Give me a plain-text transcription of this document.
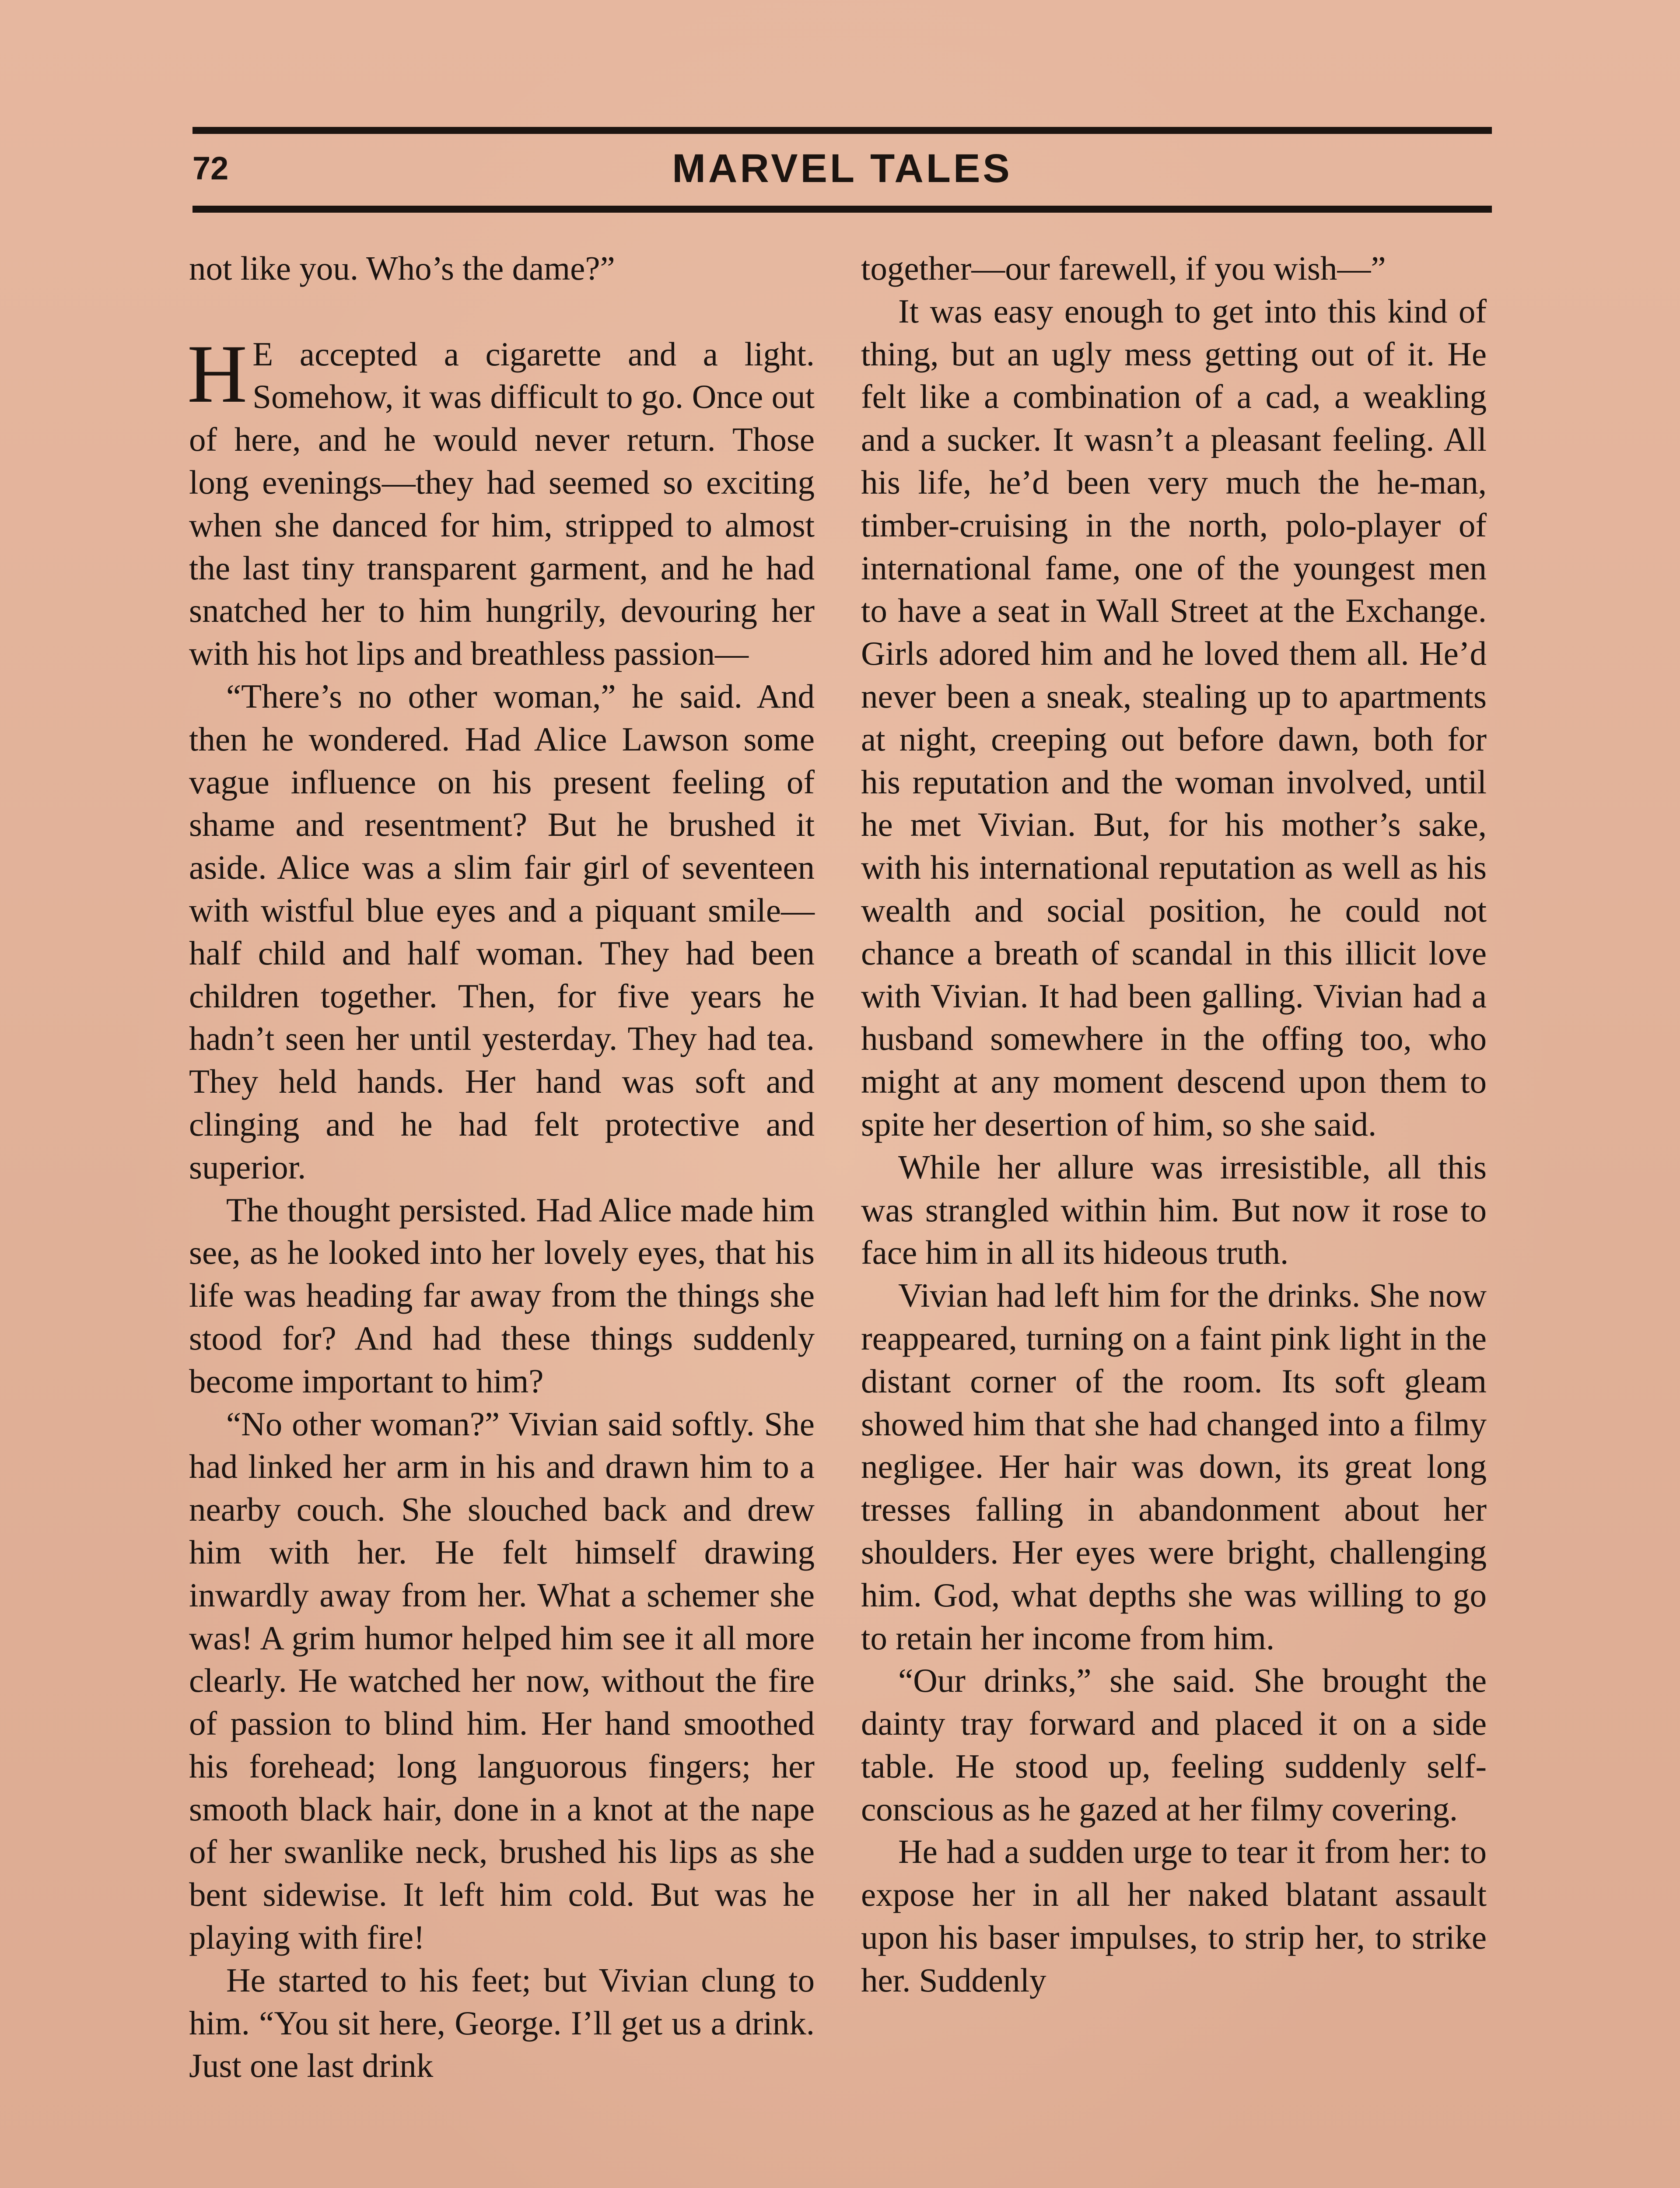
72	MARVEL TALES

not like you. Who’s the dame?”

H E accepted a cigarette and a light. Somehow, it was difficult to go. Once out of here, and he would never return. Those long evenings—they had seemed so exciting when she danced for him, stripped to almost the last tiny transparent garment, and he had snatched her to him hungrily, devouring her with his hot lips and breathless passion—

“There’s no other woman,” he said. And then he wondered. Had Alice Lawson some vague influence on his present feeling of shame and resentment? But he brushed it aside. Alice was a slim fair girl of seventeen with wistful blue eyes and a piquant smile—half child and half woman. They had been children together. Then, for five years he hadn’t seen her until yesterday. They had tea. They held hands. Her hand was soft and clinging and he had felt protective and superior.

The thought persisted. Had Alice made him see, as he looked into her lovely eyes, that his life was heading far away from the things she stood for? And had these things suddenly become important to him?

“No other woman?” Vivian said softly. She had linked her arm in his and drawn him to a nearby couch. She slouched back and drew him with her. He felt himself drawing inwardly away from her. What a schemer she was! A grim humor helped him see it all more clearly. He watched her now, without the fire of passion to blind him. Her hand smoothed his forehead; long languorous fingers; her smooth black hair, done in a knot at the nape of her swanlike neck, brushed his lips as she bent sidewise. It left him cold. But was he playing with fire!

He started to his feet; but Vivian clung to him. “You sit here, George. I’ll get us a drink. Just one last drink

together—our farewell, if you wish—”

It was easy enough to get into this kind of thing, but an ugly mess getting out of it. He felt like a combination of a cad, a weakling and a sucker. It wasn’t a pleasant feeling. All his life, he’d been very much the he-man, timber-cruising in the north, polo-player of international fame, one of the youngest men to have a seat in Wall Street at the Exchange. Girls adored him and he loved them all. He’d never been a sneak, stealing up to apartments at night, creeping out before dawn, both for his reputation and the woman involved, until he met Vivian. But, for his mother’s sake, with his international reputation as well as his wealth and social position, he could not chance a breath of scandal in this illicit love with Vivian. It had been galling. Vivian had a husband somewhere in the offing too, who might at any moment descend upon them to spite her desertion of him, so she said.

While her allure was irresistible, all this was strangled within him. But now it rose to face him in all its hideous truth.

Vivian had left him for the drinks. She now reappeared, turning on a faint pink light in the distant corner of the room. Its soft gleam showed him that she had changed into a filmy negligee. Her hair was down, its great long tresses falling in abandonment about her shoulders. Her eyes were bright, challenging him. God, what depths she was willing to go to retain her income from him.

“Our drinks,” she said. She brought the dainty tray forward and placed it on a side table. He stood up, feeling suddenly self-conscious as he gazed at her filmy covering.

He had a sudden urge to tear it from her: to expose her in all her naked blatant assault upon his baser impulses, to strip her, to strike her. Suddenly
